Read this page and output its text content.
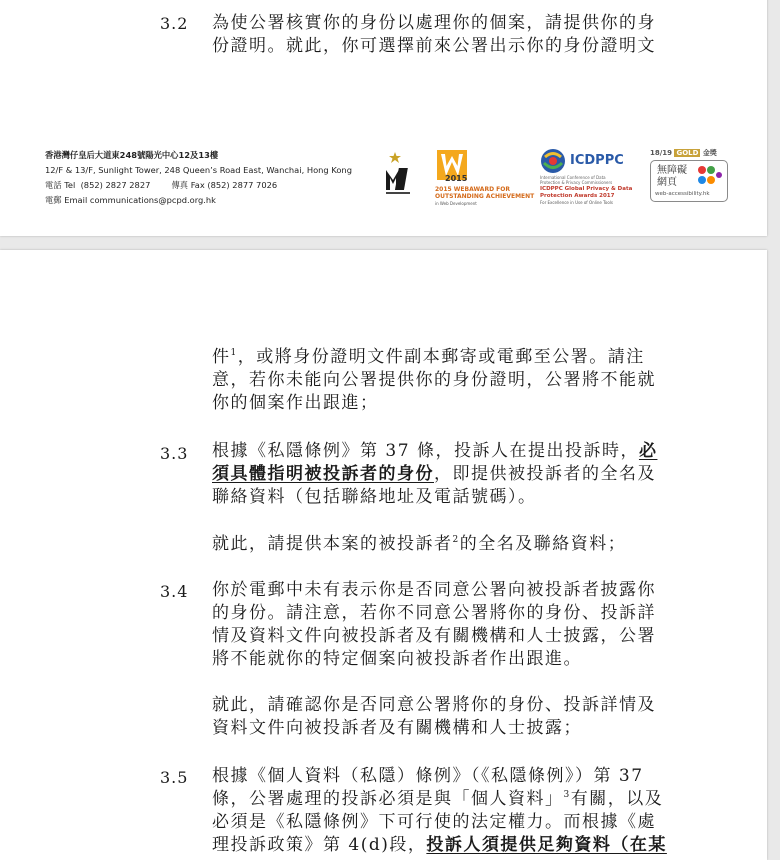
3.2 為使公署核實你的身份以處理你的個案，請提供你的身
份證明。就此，你可選擇前來公署出示你的身份證明文
香港灣仔皇后大道東248號陽光中心12及13樓
12/F & 13/F, Sunlight Tower, 248 Queen’s Road East, Wanchai, Hong Kong
電話 Tel  (852) 2827 2827        傳真 Fax (852) 2877 7026
電郵 Email communications@pcpd.org.hk
2015
2015 WEBAWARD FOR
OUTSTANDING ACHIEVEMENT
in Web Development
ICDPPC
International Conference of Data
Protection & Privacy Commissioners
ICDPPC Global Privacy & Data
Protection Awards 2017
For Excellence in Use of Online Tools
18/19 GOLD 金獎
無障礙
網頁
web-accessibility.hk
件$^1$，或將身份證明文件副本郵寄或電郵至公署。請注
意，若你未能向公署提供你的身份證明，公署將不能就
你的個案作出跟進；
3.3 根據《私隱條例》第 37 條，投訴人在提出投訴時，必
須具體指明被投訴者的身份，即提供被投訴者的全名及
聯絡資料（包括聯絡地址及電話號碼）。
就此，請提供本案的被投訴者$^2$的全名及聯絡資料；
3.4 你於電郵中未有表示你是否同意公署向被投訴者披露你
的身份。請注意，若你不同意公署將你的身份、投訴詳
情及資料文件向被投訴者及有關機構和人士披露，公署
將不能就你的特定個案向被投訴者作出跟進。
就此，請確認你是否同意公署將你的身份、投訴詳情及
資料文件向被投訴者及有關機構和人士披露；
3.5 根據《個人資料（私隱）條例》（《私隱條例》）第 37
條，公署處理的投訴必須是與「個人資料」$^3$有關，以及
必須是《私隱條例》下可行使的法定權力。而根據《處
理投訴政策》第 4(d)段，投訴人須提供足夠資料（在某
